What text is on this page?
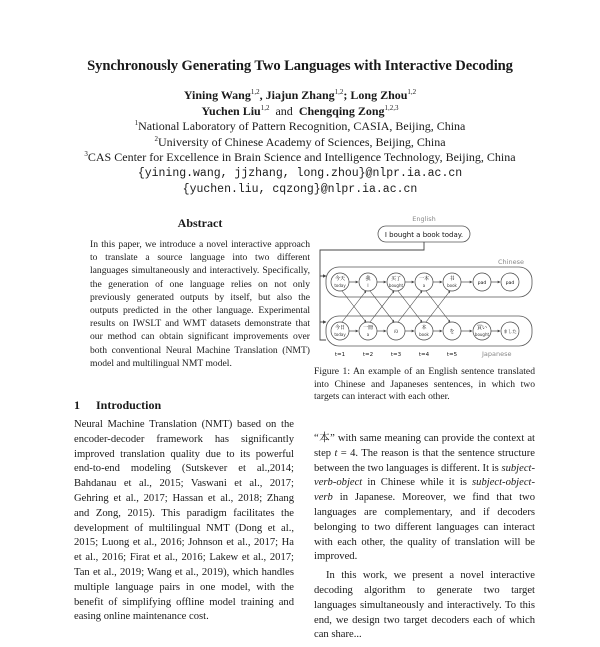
Synchronously Generating Two Languages with Interactive Decoding
Yining Wang$^{1,2}$, Jiajun Zhang$^{1,2}$; Long Zhou$^{1,2}$
Yuchen Liu$^{1,2}$ and Chengqing Zong$^{1,2,3}$
$^1$National Laboratory of Pattern Recognition, CASIA, Beijing, China
$^2$University of Chinese Academy of Sciences, Beijing, China
$^3$CAS Center for Excellence in Brain Science and Intelligence Technology, Beijing, China
{yining.wang, jjzhang, long.zhou}@nlpr.ia.ac.cn
{yuchen.liu, cqzong}@nlpr.ia.ac.cn
Abstract
In this paper, we introduce a novel interactive approach to translate a source language into two different languages simultaneously and interactively. Specifically, the generation of one language relies on not only previously generated outputs by itself, but also the outputs predicted in the other language. Experimental results on IWSLT and WMT datasets demonstrate that our method can obtain significant improvements over both conventional Neural Machine Translation (NMT) model and multilingual NMT model.
1 Introduction
Neural Machine Translation (NMT) based on the encoder-decoder framework has significantly improved translation quality due to its powerful end-to-end modeling (Sutskever et al.,2014; Bahdanau et al., 2015; Vaswani et al., 2017; Gehring et al., 2017; Hassan et al., 2018; Zhang and Zong, 2015). This paradigm facilitates the development of multilingual NMT (Dong et al., 2015; Luong et al., 2016; Johnson et al., 2017; Ha et al., 2016; Firat et al., 2016; Lakew et al., 2017; Tan et al., 2019; Wang et al., 2019), which handles multiple language pairs in one model, with the benefit of simplifying offline model training and easing online maintenance cost.
English
I bought a book today.
Chinese
今天
today
我
I
买了
bought
一本
a
书
book	pad	pad
Japanese
今日
today
一冊
a	の
本
book	を
買い
bought	ました
t=1	t=2	t=3	t=4	t=5
Figure 1: An example of an English sentence translated into Chinese and Japaneses sentences, in which two targets can interact with each other.

“本” with same meaning can provide the context at step t = 4. The reason is that the sentence structure between the two languages is different. It is subject-verb-object in Chinese while it is subject-object-verb in Japanese. Moreover, we find that two languages are complementary, and if decoders belonging to two different languages can interact with each other, the quality of translation will be improved.

In this work, we present a novel interactive decoding algorithm to generate two target languages simultaneously and interactively. To this end, we design two target decoders each of which can share...
